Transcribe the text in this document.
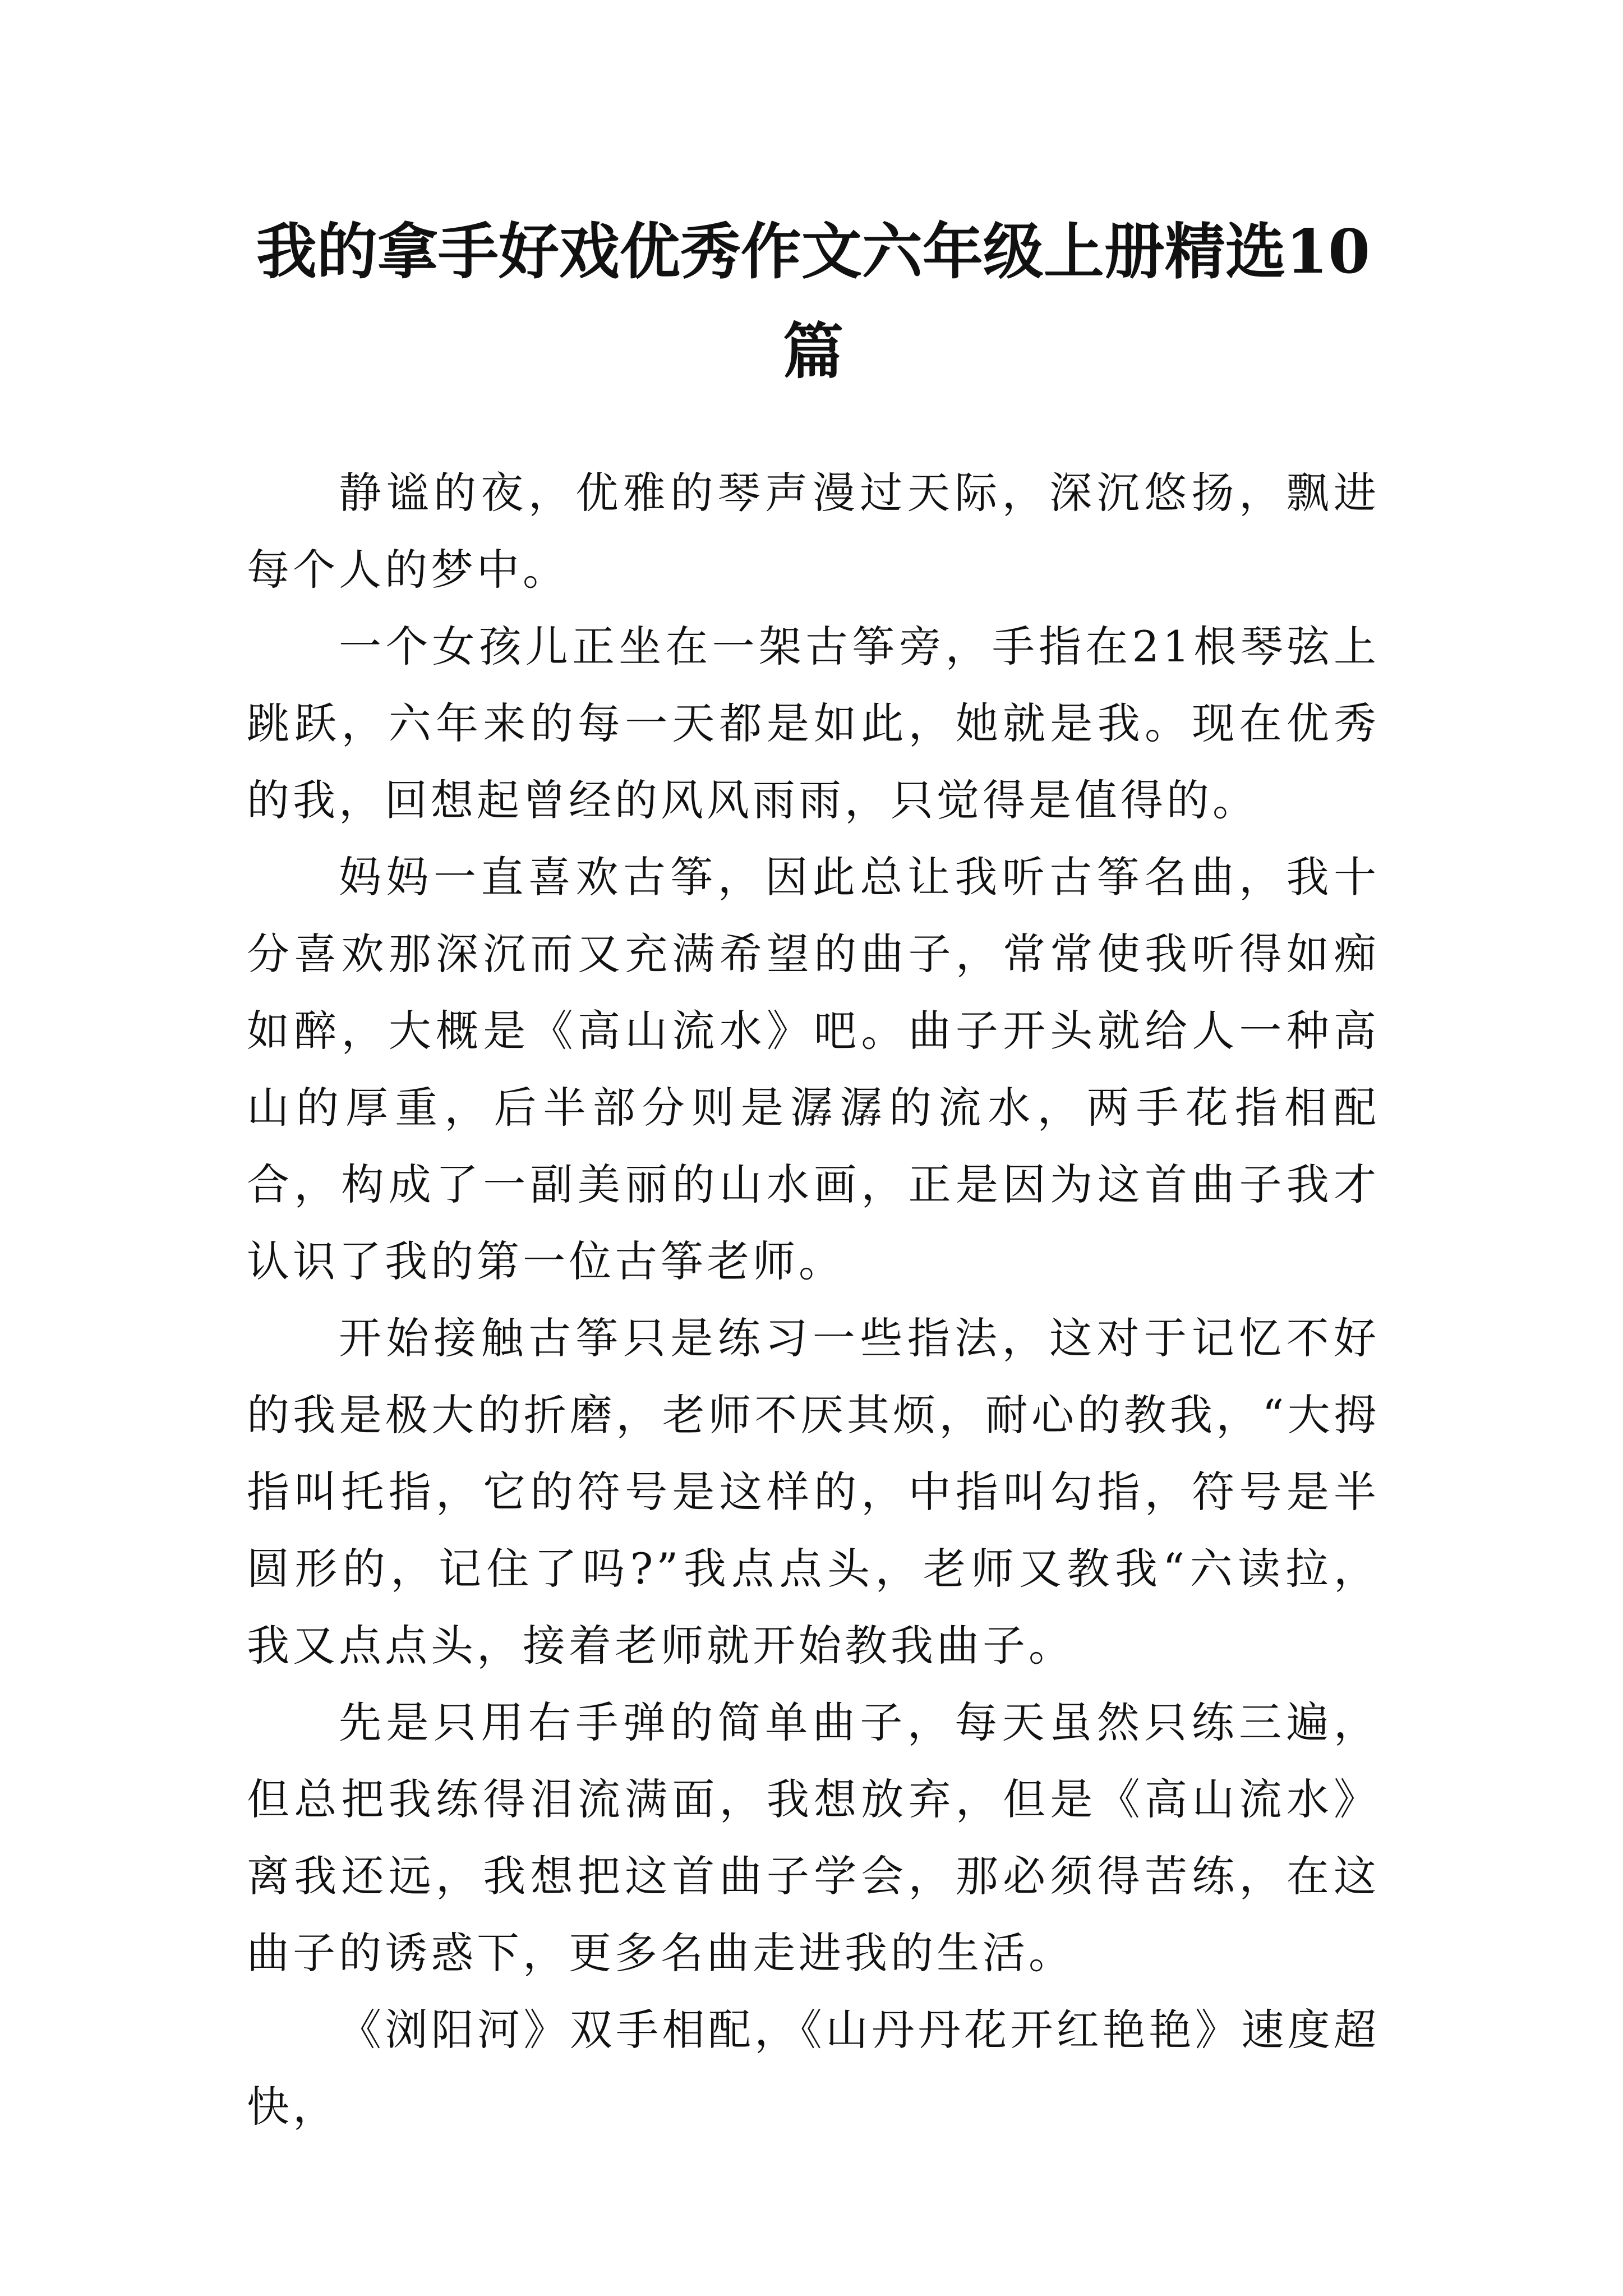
我的拿手好戏优秀作文六年级上册精选10篇

静谧的夜，优雅的琴声漫过天际，深沉悠扬，飘进每个人的梦中。

一个女孩儿正坐在一架古筝旁，手指在21根琴弦上跳跃，六年来的每一天都是如此，她就是我。现在优秀的我，回想起曾经的风风雨雨，只觉得是值得的。

妈妈一直喜欢古筝，因此总让我听古筝名曲，我十分喜欢那深沉而又充满希望的曲子，常常使我听得如痴如醉，大概是《高山流水》吧。曲子开头就给人一种高山的厚重，后半部分则是潺潺的流水，两手花指相配合，构成了一副美丽的山水画，正是因为这首曲子我才认识了我的第一位古筝老师。

开始接触古筝只是练习一些指法，这对于记忆不好的我是极大的折磨，老师不厌其烦，耐心的教我，“大拇指叫托指，它的符号是这样的，中指叫勾指，符号是半圆形的，记住了吗?”我点点头，老师又教我“六读拉，我又点点头，接着老师就开始教我曲子。

先是只用右手弹的简单曲子，每天虽然只练三遍，但总把我练得泪流满面，我想放弃，但是《高山流水》离我还远，我想把这首曲子学会，那必须得苦练，在这曲子的诱惑下，更多名曲走进我的生活。

《浏阳河》双手相配，《山丹丹花开红艳艳》速度超快，
